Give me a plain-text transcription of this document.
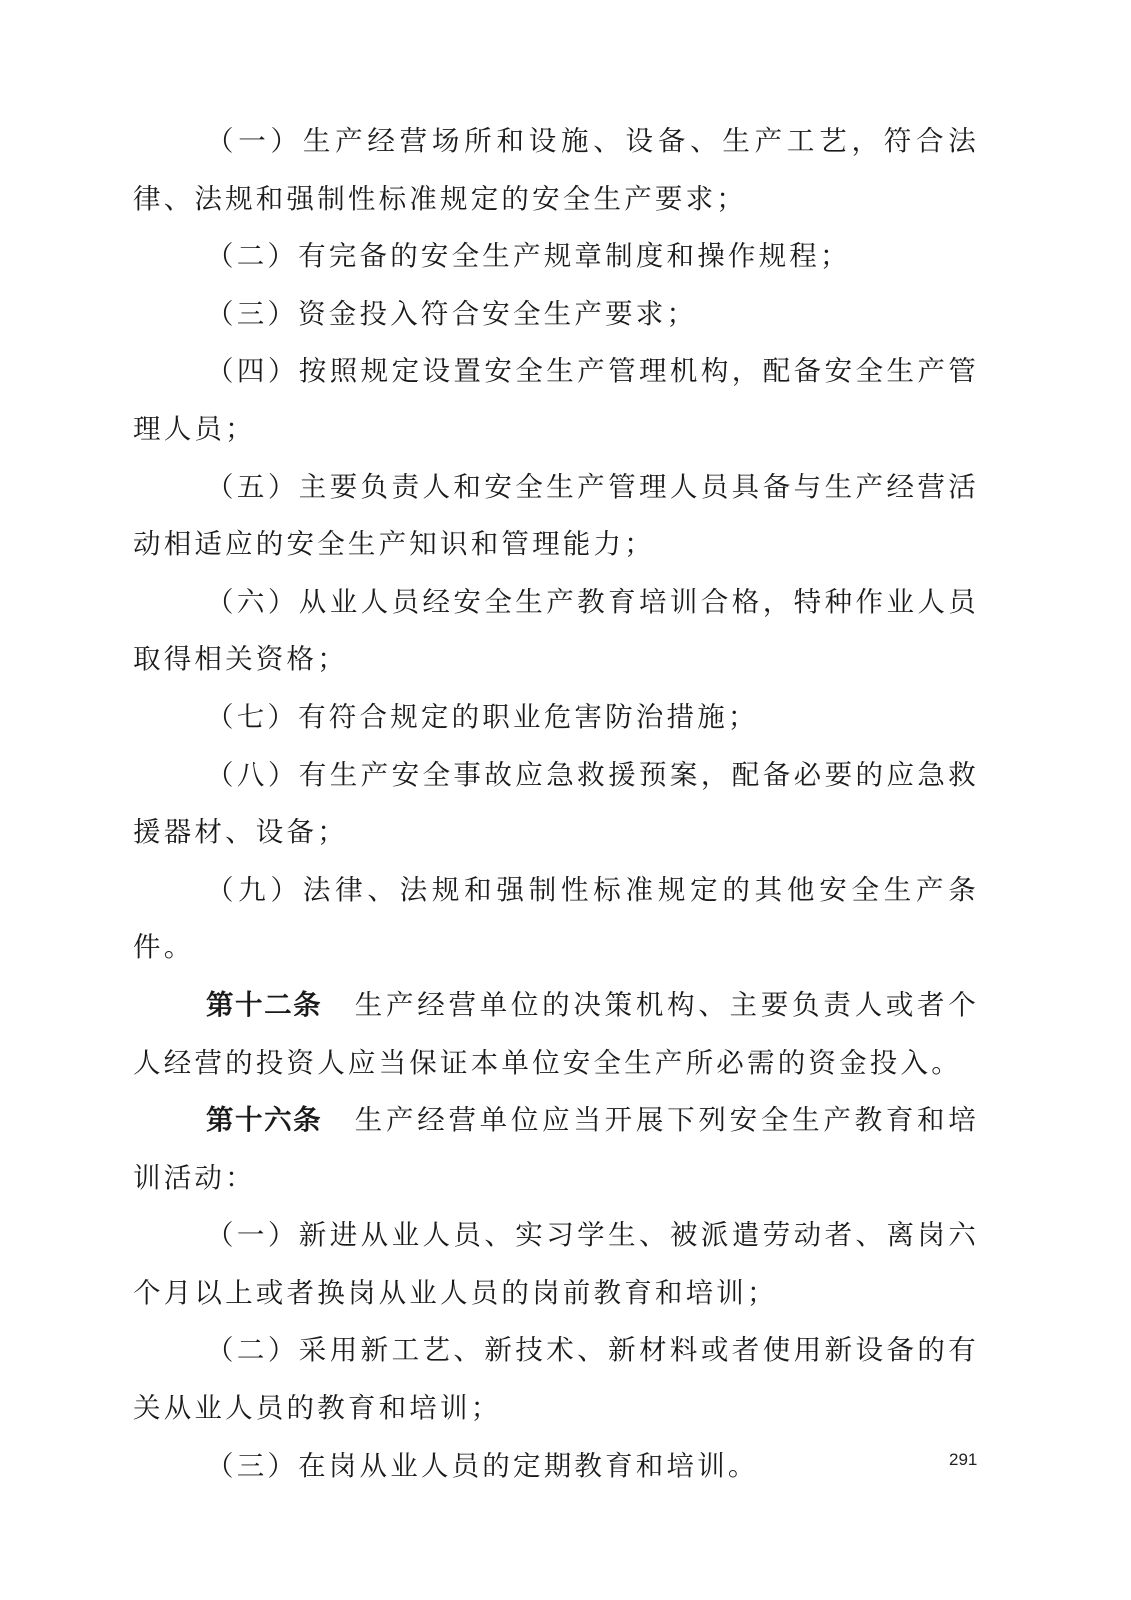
（一）生产经营场所和设施、设备、生产工艺，符合法律、法规和强制性标准规定的安全生产要求；

（二）有完备的安全生产规章制度和操作规程；

（三）资金投入符合安全生产要求；

（四）按照规定设置安全生产管理机构，配备安全生产管理人员；

（五）主要负责人和安全生产管理人员具备与生产经营活动相适应的安全生产知识和管理能力；

（六）从业人员经安全生产教育培训合格，特种作业人员取得相关资格；

（七）有符合规定的职业危害防治措施；

（八）有生产安全事故应急救援预案，配备必要的应急救援器材、设备；

（九）法律、法规和强制性标准规定的其他安全生产条件。

第十二条 生产经营单位的决策机构、主要负责人或者个人经营的投资人应当保证本单位安全生产所必需的资金投入。

第十六条 生产经营单位应当开展下列安全生产教育和培训活动：

（一）新进从业人员、实习学生、被派遣劳动者、离岗六个月以上或者换岗从业人员的岗前教育和培训；

（二）采用新工艺、新技术、新材料或者使用新设备的有关从业人员的教育和培训；

（三）在岗从业人员的定期教育和培训。	291
